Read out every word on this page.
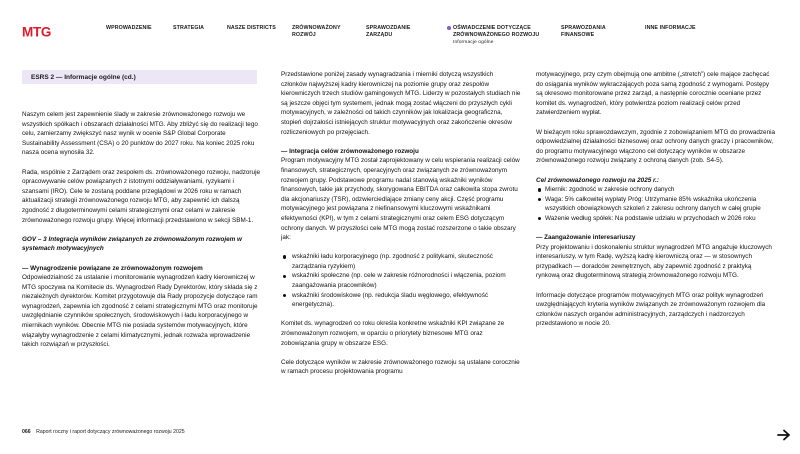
MTG	WPROWADZENIE	STRATEGIA	NASZE DISTRICTS	ZRÓWNOWAŻONY ROZWÓJ
SPRAWOZDANIE ZARZĄDU
OŚWIADCZENIE DOTYCZĄCE ZRÓWNOWAŻONEGO ROZWOJU
Informacje ogólne
SPRAWOZDANIA FINANSOWE
INNE INFORMACJE
ESRS 2 — Informacje ogólne (cd.)

Naszym celem jest zapewnienie ślady w zakresie zrównoważonego rozwoju we wszystkich spółkach i obszarach działalności MTG. Aby zbliżyć się do realizacji tego celu, zamierzamy zwiększyć nasz wynik w ocenie S&P Global Corporate Sustainability Assessment (CSA) o 20 punktów do 2027 roku. Na koniec 2025 roku nasza ocena wynosiła 32.

Rada, wspólnie z Zarządem oraz zespołem ds. zrównoważonego rozwoju, nadzoruje opracowywanie celów powiązanych z istotnymi oddziaływaniami, ryzykami i szansami (IRO). Cele te zostaną poddane przeglądowi w 2026 roku w ramach aktualizacji strategii zrównoważonego rozwoju MTG, aby zapewnić ich dalszą zgodność z długoterminowymi celami strategicznymi oraz celami w zakresie zrównoważonego rozwoju grupy. Więcej informacji przedstawiono w sekcji SBM-1.

GOV – 3 Integracja wyników związanych ze zrównoważonym rozwojem w systemach motywacyjnych

— Wynagrodzenie powiązane ze zrównoważonym rozwojem
Odpowiedzialność za ustalanie i monitorowanie wynagrodzeń kadry kierowniczej w MTG spoczywa na Komitecie ds. Wynagrodzeń Rady Dyrektorów, który składa się z niezależnych dyrektorów. Komitet przygotowuje dla Rady propozycje dotyczące ram wynagrodzeń, zapewnia ich zgodność z celami strategicznymi MTG oraz monitoruje uwzględnianie czynników społecznych, środowiskowych i ładu korporacyjnego w miernikach wyników. Obecnie MTG nie posiada systemów motywacyjnych, które wiązałyby wynagrodzenie z celami klimatycznymi, jednak rozważa wprowadzenie takich rozwiązań w przyszłości.

Przedstawione poniżej zasady wynagradzania i mierniki dotyczą wszystkich członków najwyższej kadry kierowniczej na poziomie grupy oraz zespołów kierowniczych trzech studiów gamingowych MTG. Liderzy w pozostałych studiach nie są jeszcze objęci tym systemem, jednak mogą zostać włączeni do przyszłych cykli motywacyjnych, w zależności od takich czynników jak lokalizacja geograficzna, stopień dojrzałości istniejących struktur motywacyjnych oraz zakończenie okresów rozliczeniowych po przejęciach.

— Integracja celów zrównoważonego rozwoju
Program motywacyjny MTG został zaprojektowany w celu wspierania realizacji celów finansowych, strategicznych, operacyjnych oraz związanych ze zrównoważonym rozwojem grupy. Podstawowe programu nadal stanowią wskaźniki wyników finansowych, takie jak przychody, skorygowana EBITDA oraz całkowita stopa zwrotu dla akcjonariuszy (TSR), odzwierciedlające zmiany ceny akcji. Część programu motywacyjnego jest powiązana z niefinansowymi kluczowymi wskaźnikami efektywności (KPI), w tym z celami strategicznymi oraz celem ESG dotyczącym ochrony danych. W przyszłości cele MTG mogą zostać rozszerzone o takie obszary jak:

wskaźniki ładu korporacyjnego (np. zgodność z politykami, skuteczność zarządzania ryzykiem)
wskaźniki społeczne (np. cele w zakresie różnorodności i włączenia, poziom zaangażowania pracowników)
wskaźniki środowiskowe (np. redukcja śladu węglowego, efektywność energetyczna).

Komitet ds. wynagrodzeń co roku określa konkretne wskaźniki KPI związane ze zrównoważonym rozwojem, w oparciu o priorytety biznesowe MTG oraz zobowiązania grupy w obszarze ESG.

Cele dotyczące wyników w zakresie zrównoważonego rozwoju są ustalane corocznie w ramach procesu projektowania programu

motywacyjnego, przy czym obejmują one ambitne („stretch”) cele mające zachęcać do osiągania wyników wykraczających poza samą zgodność z wymogami. Postępy są okresowo monitorowane przez zarząd, a następnie corocznie oceniane przez komitet ds. wynagrodzeń, który potwierdza poziom realizacji celów przed zatwierdzeniem wypłat.

W bieżącym roku sprawozdawczym, zgodnie z zobowiązaniem MTG do prowadzenia odpowiedzialnej działalności biznesowej oraz ochrony danych graczy i pracowników, do programu motywacyjnego włączono cel dotyczący wyników w obszarze zrównoważonego rozwoju związany z ochroną danych (zob. S4-5).

Cel zrównoważonego rozwoju na 2025 r.:

Miernik: zgodność w zakresie ochrony danych
Waga: 5% całkowitej wypłaty Próg: Utrzymanie 85% wskaźnika ukończenia wszystkich obowiązkowych szkoleń z zakresu ochrony danych w całej grupie
Ważenie według spółek: Na podstawie udziału w przychodach w 2026 roku

— Zaangażowanie interesariuszy
Przy projektowaniu i doskonaleniu struktur wynagrodzeń MTG angażuje kluczowych interesariuszy, w tym Radę, wyższą kadrę kierowniczą oraz — w stosownych przypadkach — doradców zewnętrznych, aby zapewnić zgodność z praktyką rynkową oraz długoterminową strategią zrównoważonego rozwoju MTG.

Informacje dotyczące programów motywacyjnych MTG oraz polityk wynagrodzeń uwzględniających kryteria wyników związanych ze zrównoważonym rozwojem dla członków naszych organów administracyjnych, zarządczych i nadzorczych przedstawiono w nocie 20.

066 Raport roczny i raport dotyczący zrównoważonego rozwoju 2025
